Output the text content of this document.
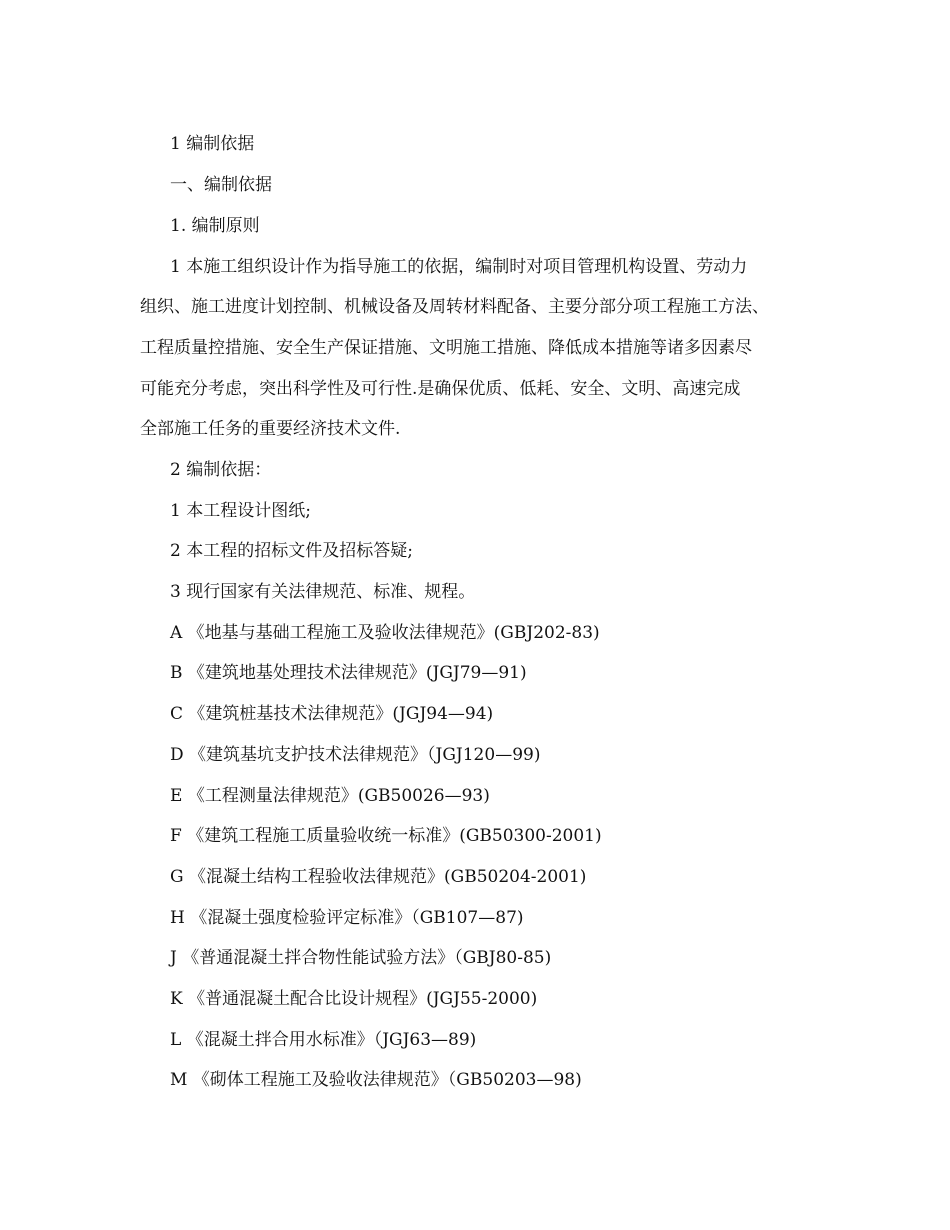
1 编制依据
一、编制依据
1. 编制原则
1 本施工组织设计作为指导施工的依据，编制时对项目管理机构设置、劳动力
组织、施工进度计划控制、机械设备及周转材料配备、主要分部分项工程施工方法、
工程质量控措施、安全生产保证措施、文明施工措施、降低成本措施等诸多因素尽
可能充分考虑，突出科学性及可行性.是确保优质、低耗、安全、文明、高速完成
全部施工任务的重要经济技术文件.
2 编制依据：
1 本工程设计图纸;
2 本工程的招标文件及招标答疑;
3 现行国家有关法律规范、标准、规程。
A 《地基与基础工程施工及验收法律规范》(GBJ202-83)
B 《建筑地基处理技术法律规范》(JGJ79—91)
C 《建筑桩基技术法律规范》(JGJ94—94)
D 《建筑基坑支护技术法律规范》（JGJ120—99)
E 《工程测量法律规范》(GB50026—93)
F 《建筑工程施工质量验收统一标准》(GB50300-2001)
G 《混凝土结构工程验收法律规范》(GB50204-2001)
H 《混凝土强度检验评定标准》（GB107—87)
J 《普通混凝土拌合物性能试验方法》（GBJ80-85)
K 《普通混凝土配合比设计规程》(JGJ55-2000)
L 《混凝土拌合用水标准》（JGJ63—89)
M 《砌体工程施工及验收法律规范》（GB50203—98)
